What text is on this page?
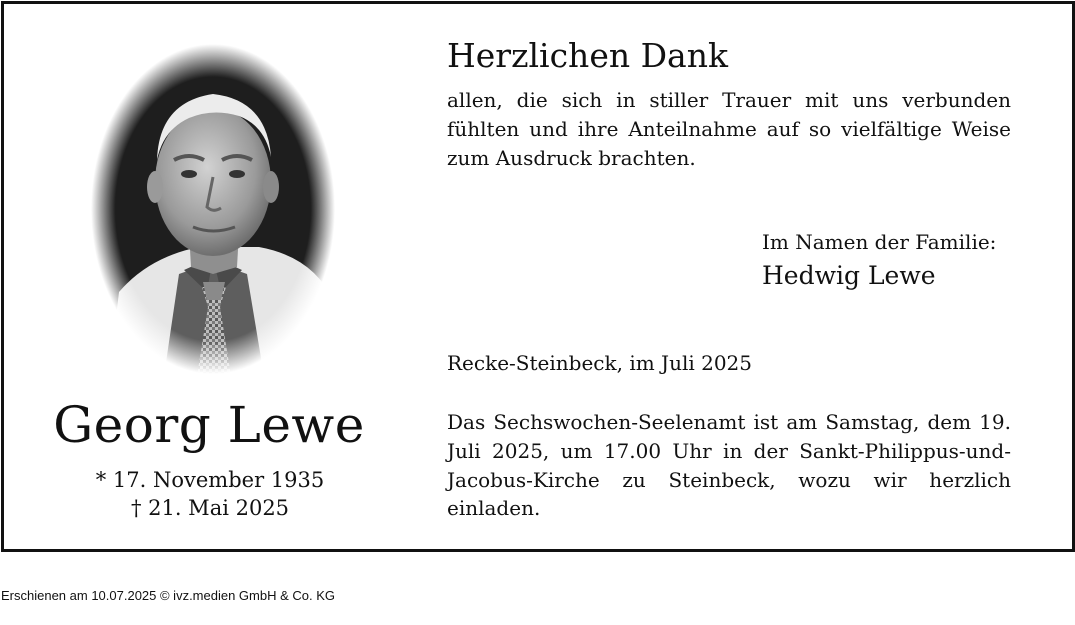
Georg Lewe
* 17. November 1935
† 21. Mai 2025
Herzlichen Dank

allen, die sich in stiller Trauer mit uns verbunden fühlten und ihre Anteilnahme auf so vielfältige Weise zum Ausdruck brachten.

Im Namen der Familie:
Hedwig Lewe
Recke-Steinbeck, im Juli 2025

Das Sechswochen-Seelenamt ist am Samstag, dem 19. Juli 2025, um 17.00 Uhr in der Sankt-Philippus-und-Jacobus-Kirche zu Steinbeck, wozu wir herzlich einladen.

Erschienen am 10.07.2025 © ivz.medien GmbH & Co. KG
